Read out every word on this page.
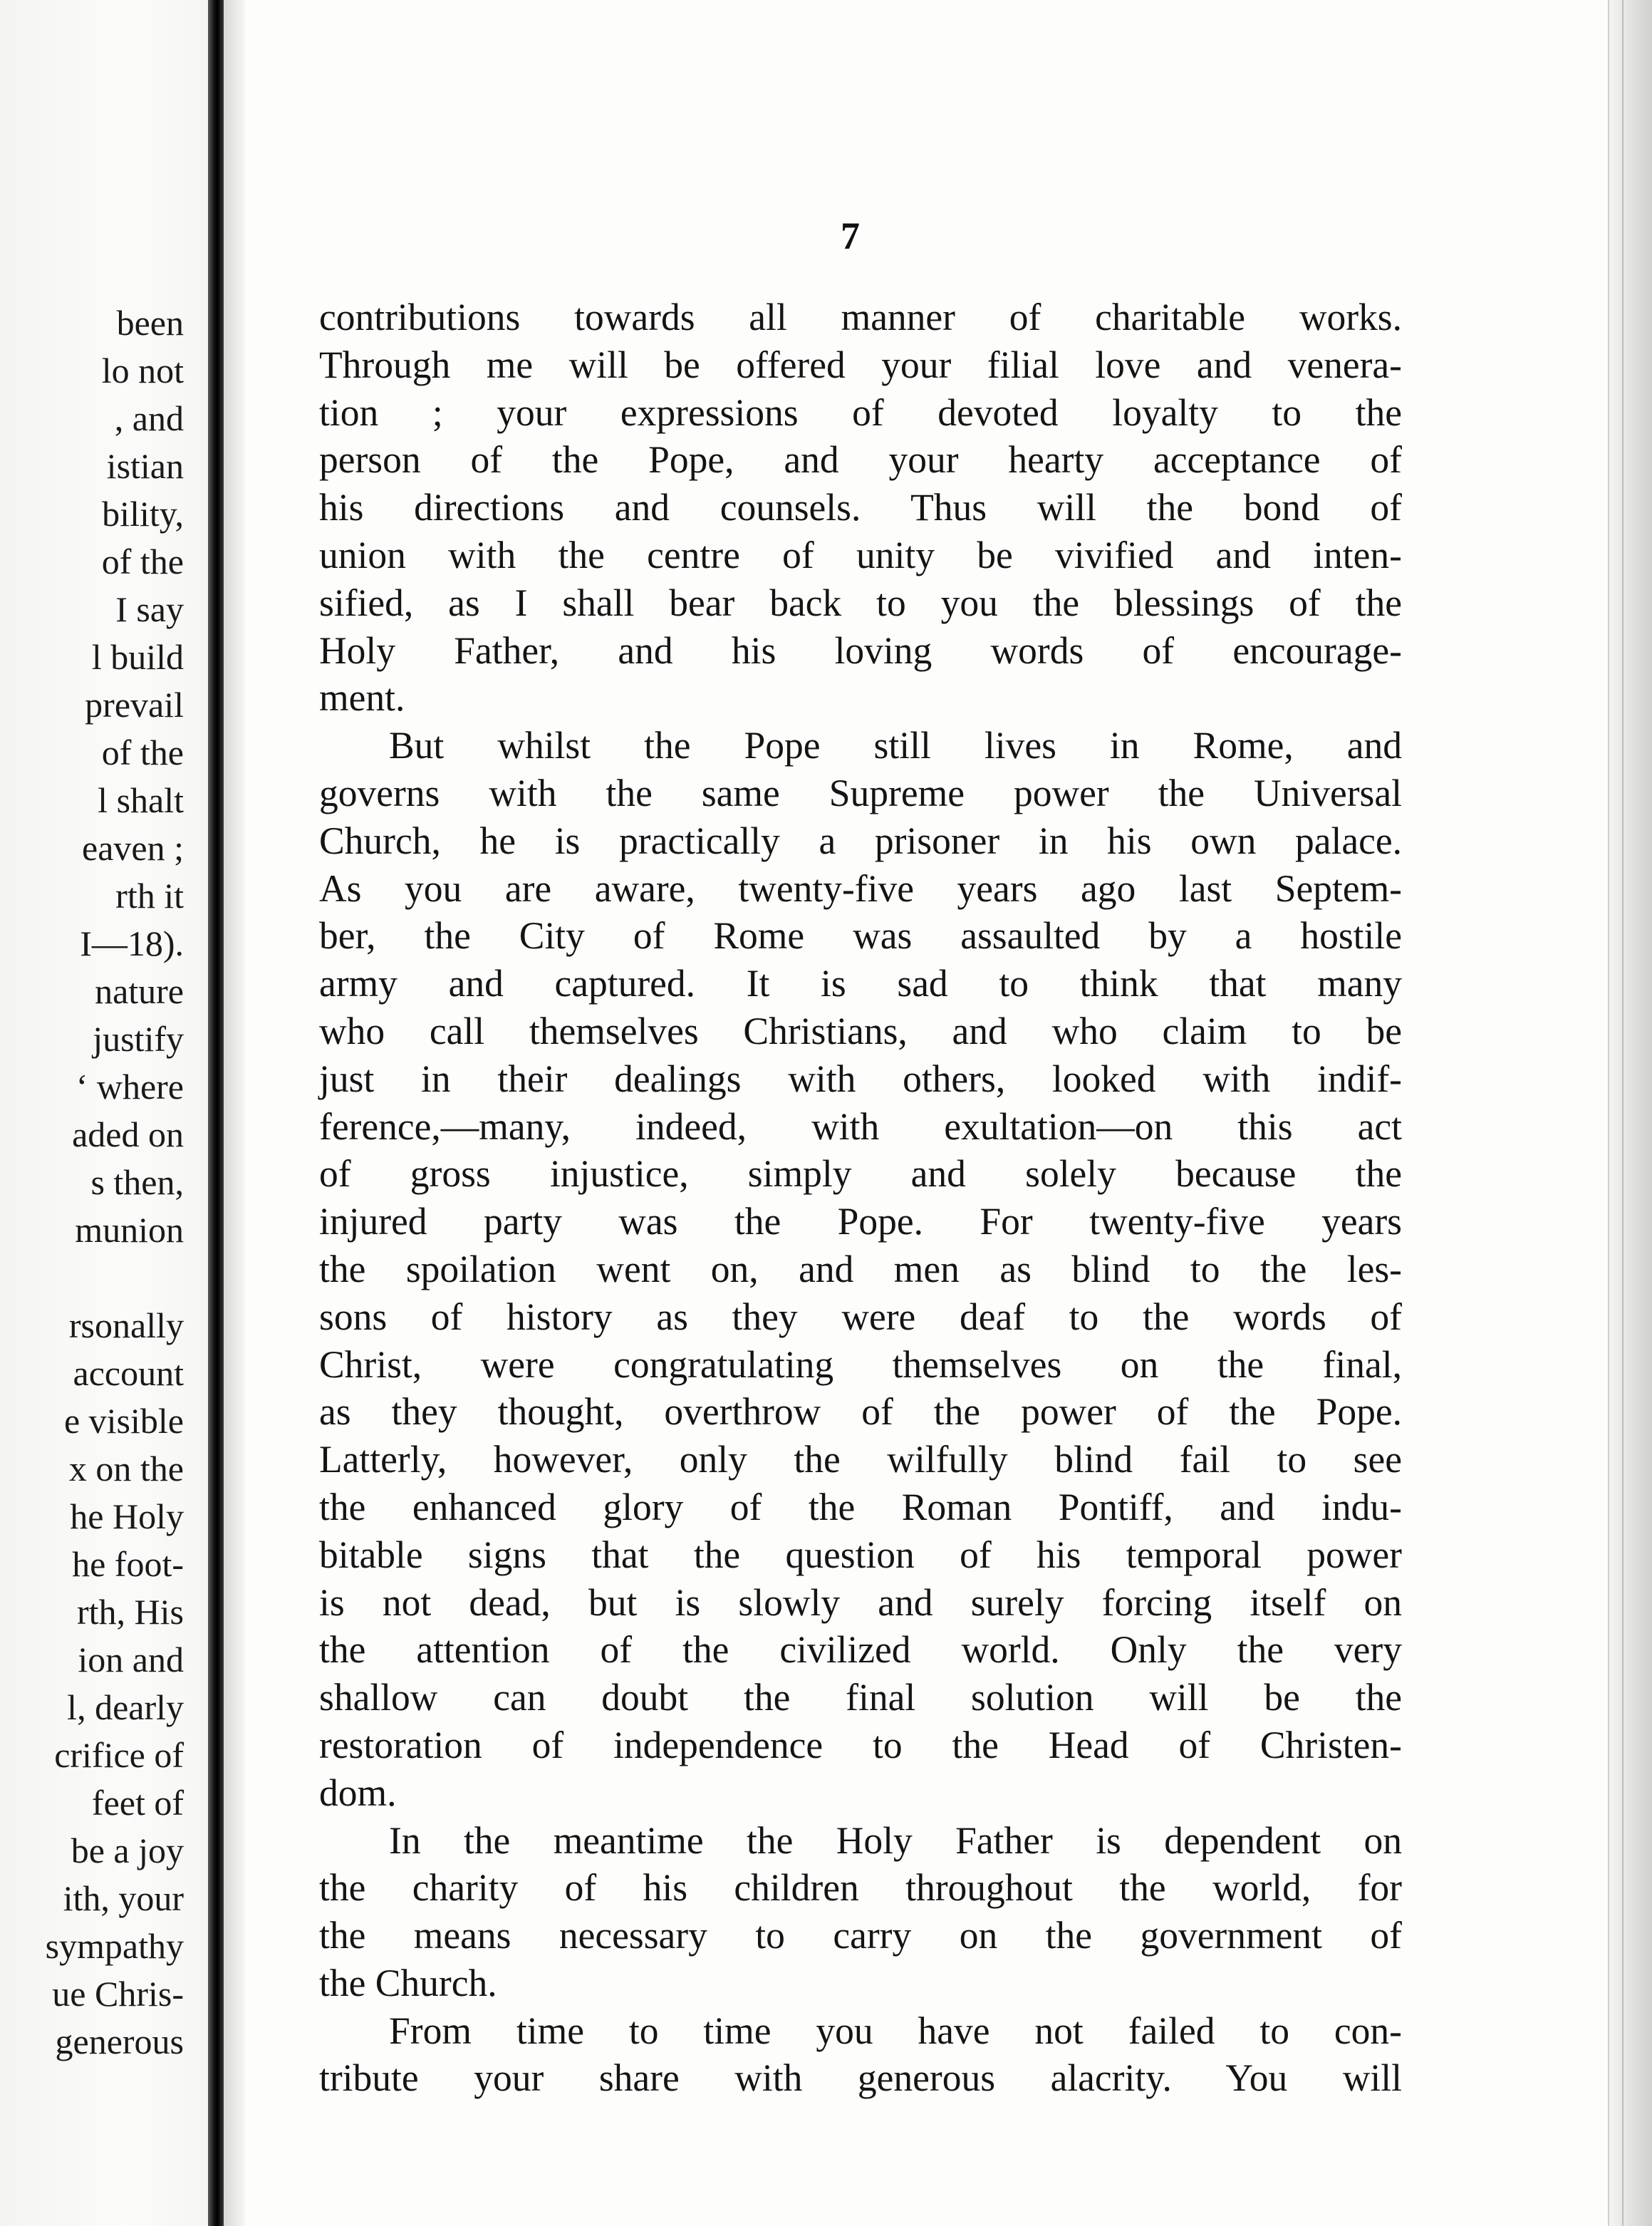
been
lo not
, and
istian
bility,
of the
I say
l build
prevail
of the
l shalt
eaven ;
rth it
I—18).
nature
justify
‘ where
aded on
s then,
munion

rsonally
account
e visible
x on the
he Holy
he foot-
rth, His
ion and
l, dearly
crifice of
feet of
be a joy
ith, your
sympathy
ue Chris-
generous
7
contributions towards all manner of charitable works.
Through me will be offered your filial love and venera-
tion ; your expressions of devoted loyalty to the
person of the Pope, and your hearty acceptance of
his directions and counsels. Thus will the bond of
union with the centre of unity be vivified and inten-
sified, as I shall bear back to you the blessings of the
Holy Father, and his loving words of encourage-
ment.
But whilst the Pope still lives in Rome, and
governs with the same Supreme power the Universal
Church, he is practically a prisoner in his own palace.
As you are aware, twenty-five years ago last Septem-
ber, the City of Rome was assaulted by a hostile
army and captured. It is sad to think that many
who call themselves Christians, and who claim to be
just in their dealings with others, looked with indif-
ference,—many, indeed, with exultation—on this act
of gross injustice, simply and solely because the
injured party was the Pope. For twenty-five years
the spoilation went on, and men as blind to the les-
sons of history as they were deaf to the words of
Christ, were congratulating themselves on the final,
as they thought, overthrow of the power of the Pope.
Latterly, however, only the wilfully blind fail to see
the enhanced glory of the Roman Pontiff, and indu-
bitable signs that the question of his temporal power
is not dead, but is slowly and surely forcing itself on
the attention of the civilized world. Only the very
shallow can doubt the final solution will be the
restoration of independence to the Head of Christen-
dom.
In the meantime the Holy Father is dependent on
the charity of his children throughout the world, for
the means necessary to carry on the government of
the Church.
From time to time you have not failed to con-
tribute your share with generous alacrity. You will
